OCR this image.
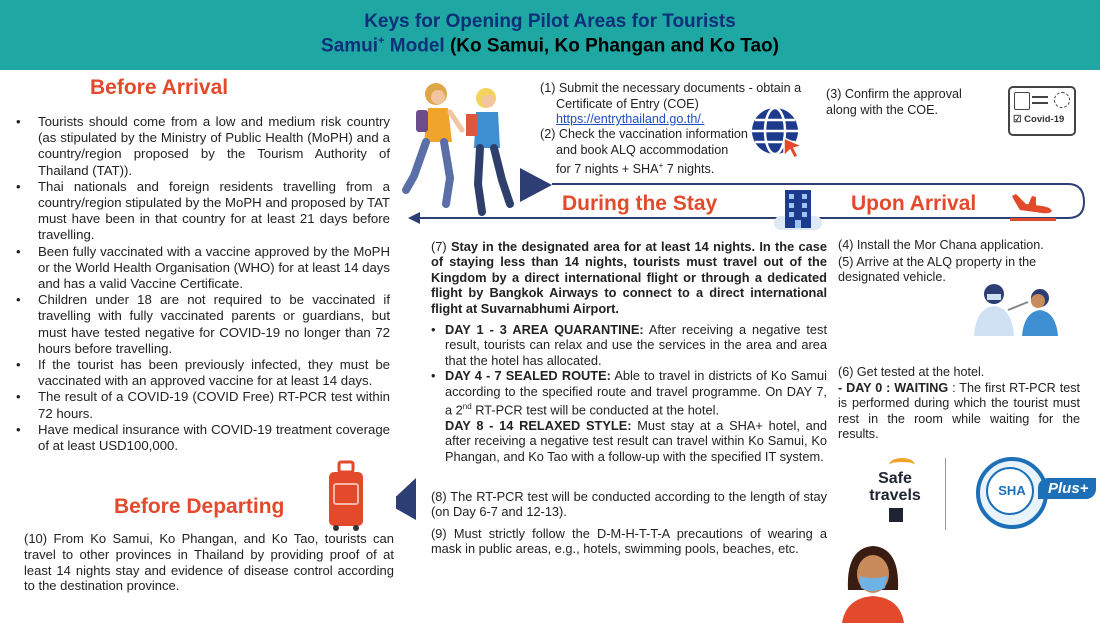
Keys for Opening Pilot Areas for Tourists
Samui+ Model (Ko Samui, Ko Phangan and Ko Tao)
Before Arrival
• Tourists should come from a low and medium risk country (as stipulated by the Ministry of Public Health (MoPH) and a country/region proposed by the Tourism Authority of Thailand (TAT)).
• Thai nationals and foreign residents travelling from a country/region stipulated by the MoPH and proposed by TAT must have been in that country for at least 21 days before travelling.
• Been fully vaccinated with a vaccine approved by the MoPH or the World Health Organisation (WHO) for at least 14 days and has a valid Vaccine Certificate.
• Children under 18 are not required to be vaccinated if travelling with fully vaccinated parents or guardians, but must have tested negative for COVID-19 no longer than 72 hours before travelling.
• If the tourist has been previously infected, they must be vaccinated with an approved vaccine for at least 14 days.
• The result of a COVID-19 (COVID Free) RT-PCR test within 72 hours.
• Have medical insurance with COVID-19 treatment coverage of at least USD100,000.
(1) Submit the necessary documents - obtain a
Certificate of Entry (COE)
https://entrythailand.go.th/.
(2) Check the vaccination information
and book ALQ accommodation
for 7 nights + SHA+ 7 nights.
(3) Confirm the approval
along with the COE.
☑ Covid-19
During the Stay	Upon Arrival
(7) Stay in the designated area for at least 14 nights. In the case of staying less than 14 nights, tourists must travel out of the Kingdom by a direct international flight or through a dedicated flight by Bangkok Airways to connect to a direct international flight at Suvarnabhumi Airport.
• DAY 1 - 3 AREA QUARANTINE: After receiving a negative test result, tourists can relax and use the services in the area and area that the hotel has allocated.
• DAY 4 - 7 SEALED ROUTE: Able to travel in districts of Ko Samui according to the specified route and travel programme. On DAY 7, a 2nd RT-PCR test will be conducted at the hotel.
DAY 8 - 14 RELAXED STYLE: Must stay at a SHA+ hotel, and after receiving a negative test result can travel within Ko Samui, Ko Phangan, and Ko Tao with a follow-up with the specified IT system.
(8) The RT-PCR test will be conducted according to the length of stay (on Day 6-7 and 12-13).
(9) Must strictly follow the D-M-H-T-T-A precautions of wearing a mask in public areas, e.g., hotels, swimming pools, beaches, etc.
(4) Install the Mor Chana application.
(5) Arrive at the ALQ property in the designated vehicle.
(6) Get tested at the hotel.
- DAY 0 : WAITING : The first RT-PCR test is performed during which the tourist must rest in the room while waiting for the results.
Safe
travels	SHA	Plus+
Before Departing
(10) From Ko Samui, Ko Phangan, and Ko Tao, tourists can travel to other provinces in Thailand by providing proof of at least 14 nights stay and evidence of disease control according to the destination province.
